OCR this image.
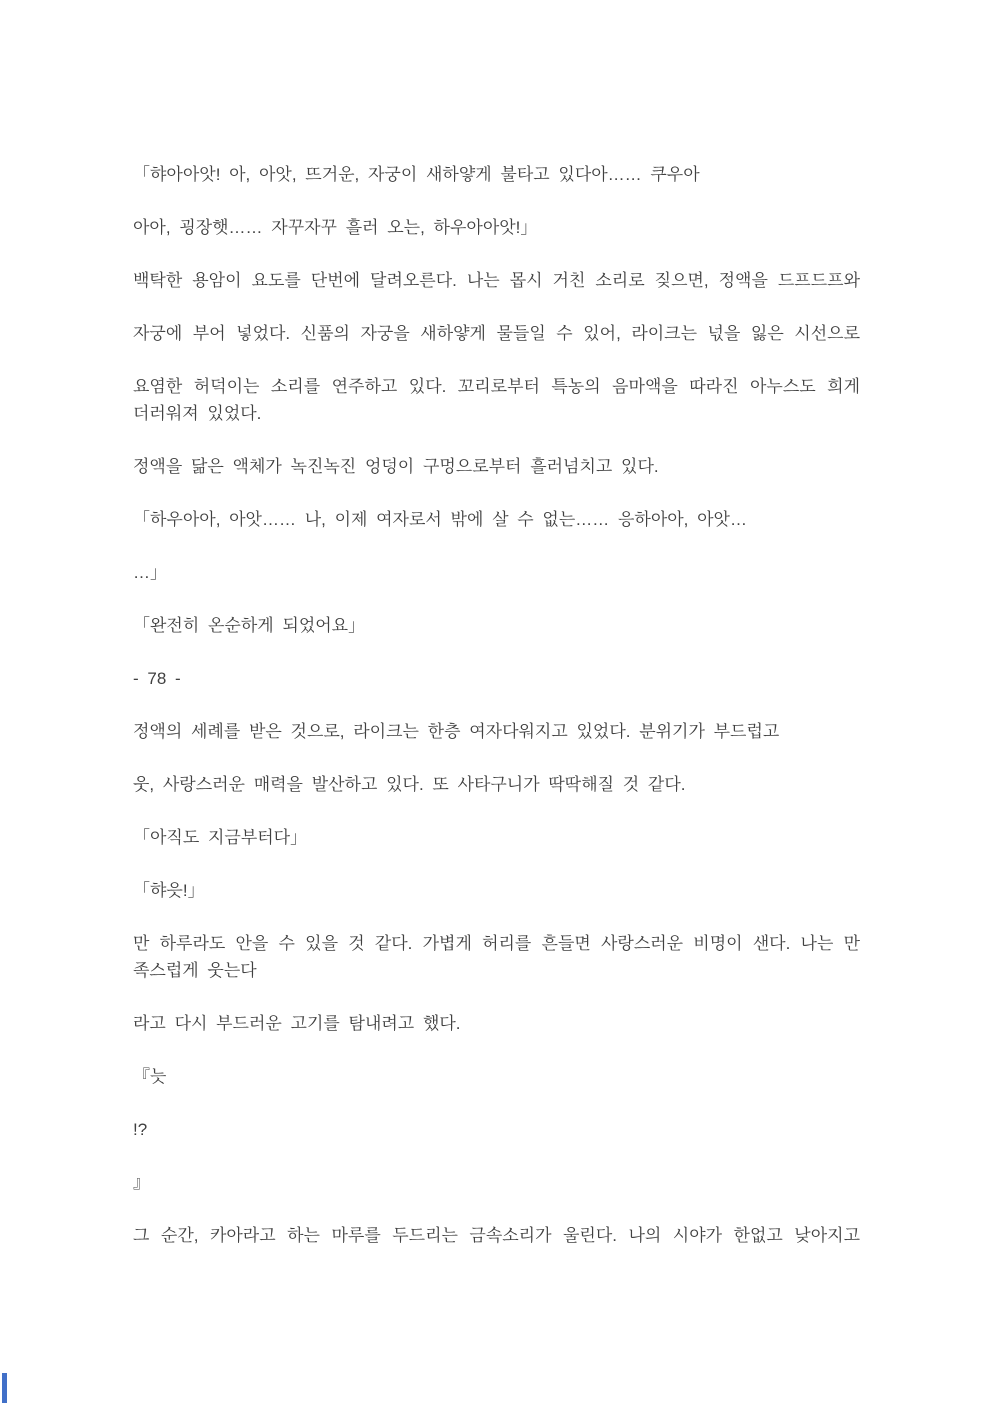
「햐아아앗! 아, 아앗, 뜨거운, 자궁이 새하얗게 불타고 있다아…… 쿠우아
아아, 굉장햇…… 자꾸자꾸 흘러 오는, 하우아아앗!」
백탁한 용암이 요도를 단번에 달려오른다. 나는 몹시 거친 소리로 짖으면, 정액을 드프드프와
자궁에 부어 넣었다. 신품의 자궁을 새하얗게 물들일 수 있어, 라이크는 넋을 잃은 시선으로
요염한 허덕이는 소리를 연주하고 있다. 꼬리로부터 특농의 음마액을 따라진 아누스도 희게
더러워져 있었다.
정액을 닮은 액체가 녹진녹진 엉덩이 구멍으로부터 흘러넘치고 있다.
「하우아아, 아앗…… 나, 이제 여자로서 밖에 살 수 없는…… 응하아아, 아앗…
…」
「완전히 온순하게 되었어요」
- 78 -
정액의 세례를 받은 것으로, 라이크는 한층 여자다워지고 있었다. 분위기가 부드럽고
웃, 사랑스러운 매력을 발산하고 있다. 또 사타구니가 딱딱해질 것 같다.
「아직도 지금부터다」
「햐읏!」
만 하루라도 안을 수 있을 것 같다. 가볍게 허리를 흔들면 사랑스러운 비명이 샌다. 나는 만
족스럽게 웃는다
라고 다시 부드러운 고기를 탐내려고 했다.
『늣
!?
』
그 순간, 카아라고 하는 마루를 두드리는 금속소리가 울린다. 나의 시야가 한없고 낮아지고
